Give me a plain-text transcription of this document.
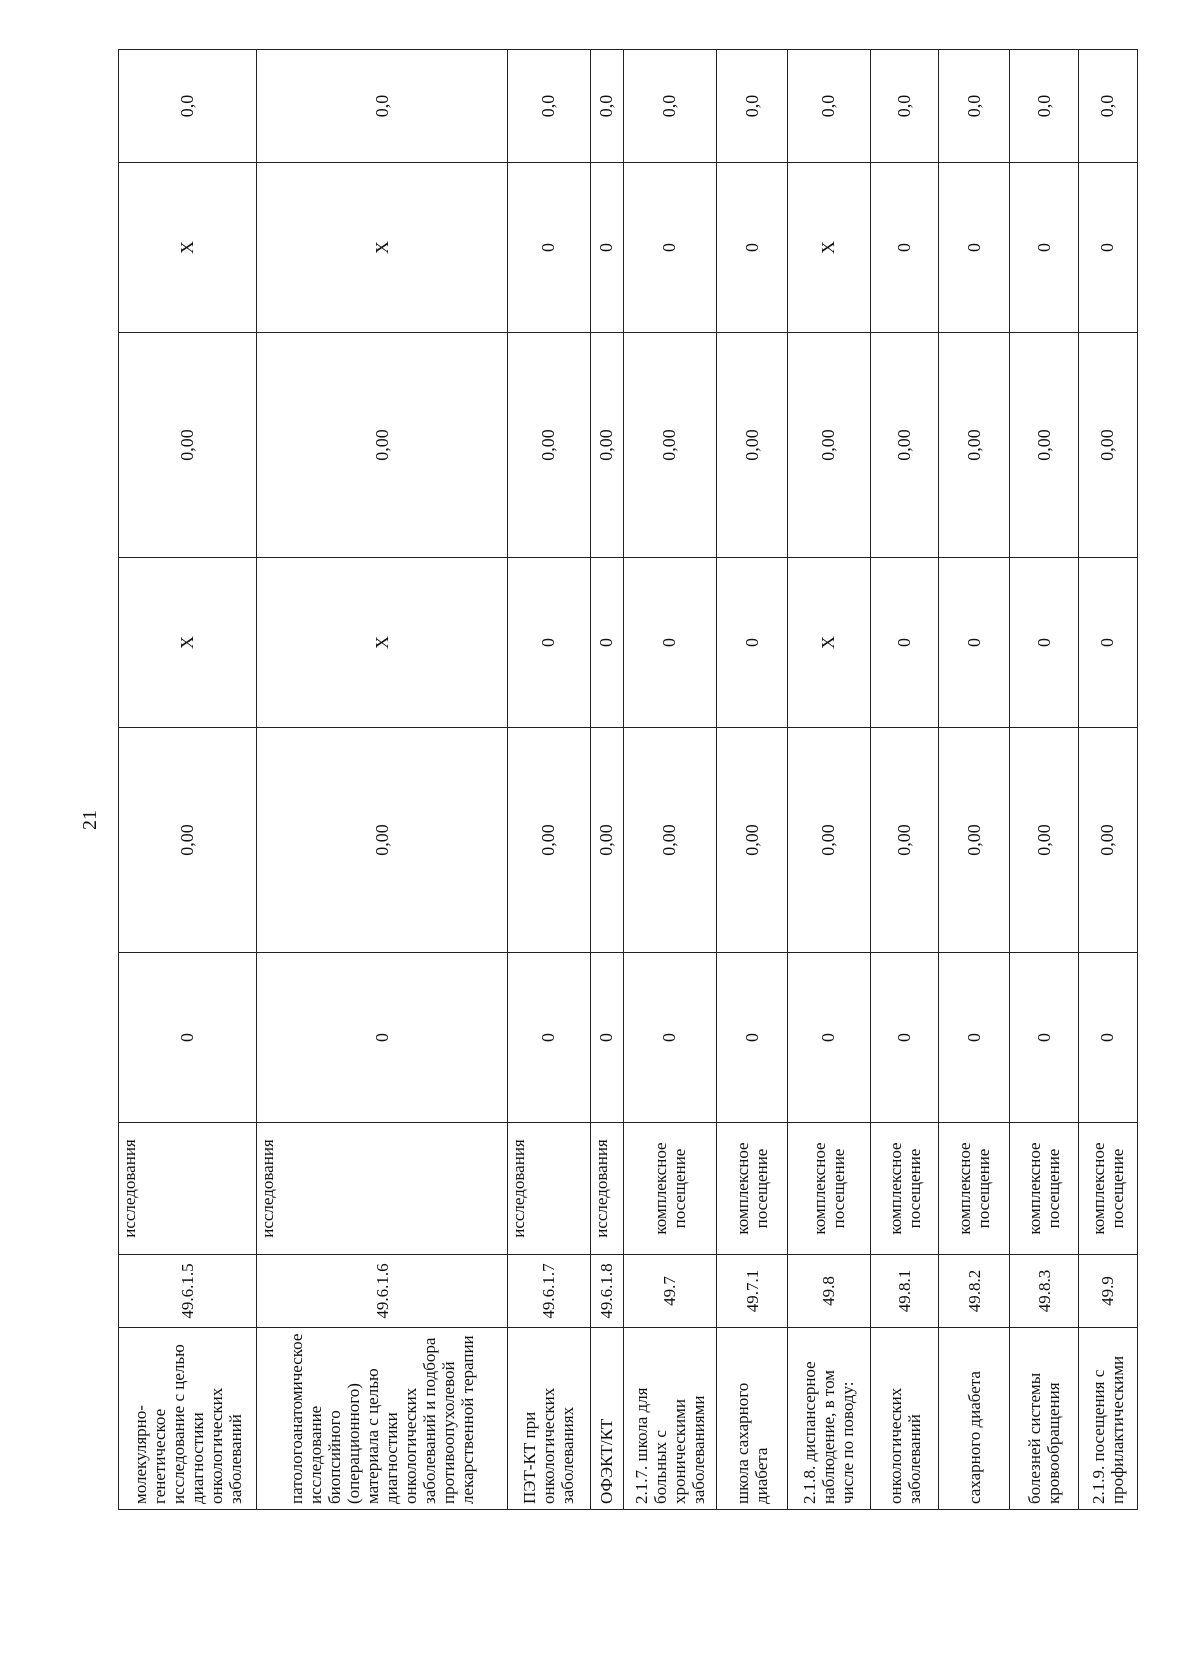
21
молекулярно-генетическое исследование с целью диагностики онкологических заболеваний	49.6.1.5	исследования	0	0,00	X	0,00	X	0,0	
патологоанатомическое исследование биопсийного (операционного) материала с целью диагностики онкологических заболеваний и подбора противоопухолевой лекарственной терапии	49.6.1.6	исследования	0	0,00	X	0,00	X	0,0	
ПЭТ-КТ при онкологических заболеваниях	49.6.1.7	исследования	0	0,00	0	0,00	0	0,0	
ОФЭКТ/КТ	49.6.1.8	исследования	0	0,00	0	0,00	0	0,0	
2.1.7. школа для больных с хроническими заболеваниями	49.7	комплексное посещение	0	0,00	0	0,00	0	0,0	
школа сахарного диабета	49.7.1	комплексное посещение	0	0,00	0	0,00	0	0,0	
2.1.8. диспансерное наблюдение, в том числе по поводу:	49.8	комплексное посещение	0	0,00	X	0,00	X	0,0	
онкологических заболеваний	49.8.1	комплексное посещение	0	0,00	0	0,00	0	0,0	
сахарного диабета	49.8.2	комплексное посещение	0	0,00	0	0,00	0	0,0	
болезней системы кровообращения	49.8.3	комплексное посещение	0	0,00	0	0,00	0	0,0	
2.1.9. посещения с профилактическими	49.9	комплексное посещение	0	0,00	0	0,00	0	0,0	
